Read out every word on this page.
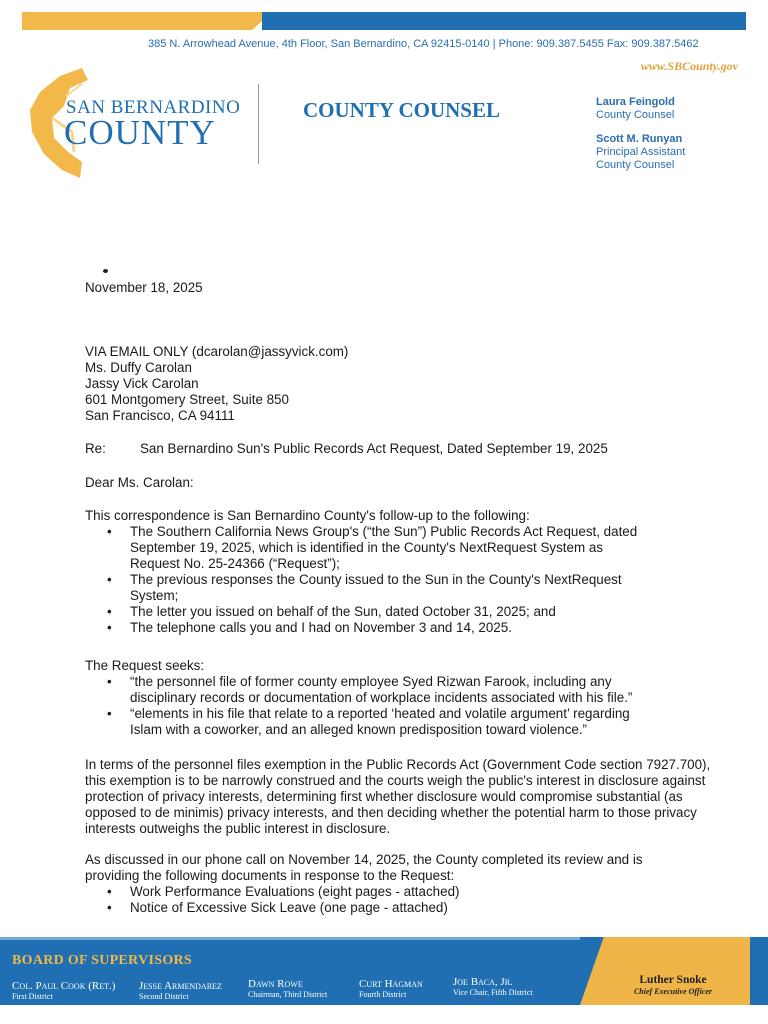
385 N. Arrowhead Avenue, 4th Floor, San Bernardino, CA 92415-0140 | Phone: 909.387.5455 Fax: 909.387.5462
www.SBCounty.gov
SAN BERNARDINO
COUNTY
COUNTY COUNSEL	Laura Feingold
County Counsel
Scott M. Runyan
Principal Assistant
County Counsel
November 18, 2025

VIA EMAIL ONLY (dcarolan@jassyvick.com)

Ms. Duffy Carolan

Jassy Vick Carolan

601 Montgomery Street, Suite 850

San Francisco, CA 94111

Re:	San Bernardino Sun's Public Records Act Request, Dated September 19, 2025
Dear Ms. Carolan:

This correspondence is San Bernardino County's follow-up to the following:

• The Southern California News Group's (“the Sun”) Public Records Act Request, dated September 19, 2025, which is identified in the County's NextRequest System as Request No. 25-24366 (“Request”);
• The previous responses the County issued to the Sun in the County's NextRequest System;
• The letter you issued on behalf of the Sun, dated October 31, 2025; and
• The telephone calls you and I had on November 3 and 14, 2025.

The Request seeks:

• “the personnel file of former county employee Syed Rizwan Farook, including any disciplinary records or documentation of workplace incidents associated with his file.”
• “elements in his file that relate to a reported ‘heated and volatile argument’ regarding Islam with a coworker, and an alleged known predisposition toward violence.”
In terms of the personnel files exemption in the Public Records Act (Government Code section 7927.700), this exemption is to be narrowly construed and the courts weigh the public's interest in disclosure against protection of privacy interests, determining first whether disclosure would compromise substantial (as opposed to de minimis) privacy interests, and then deciding whether the potential harm to those privacy interests outweighs the public interest in disclosure.

As discussed in our phone call on November 14, 2025, the County completed its review and is providing the following documents in response to the Request:

• Work Performance Evaluations (eight pages - attached)
• Notice of Excessive Sick Leave (one page - attached)
BOARD OF SUPERVISORS
Col. Paul Cook (Ret.)
First District
Jesse Armendarez
Second District
Dawn Rowe
Chairman, Third District
Curt Hagman
Fourth District
Joe Baca, Jr.
Vice Chair, Fifth District
Luther Snoke
Chief Executive Officer
